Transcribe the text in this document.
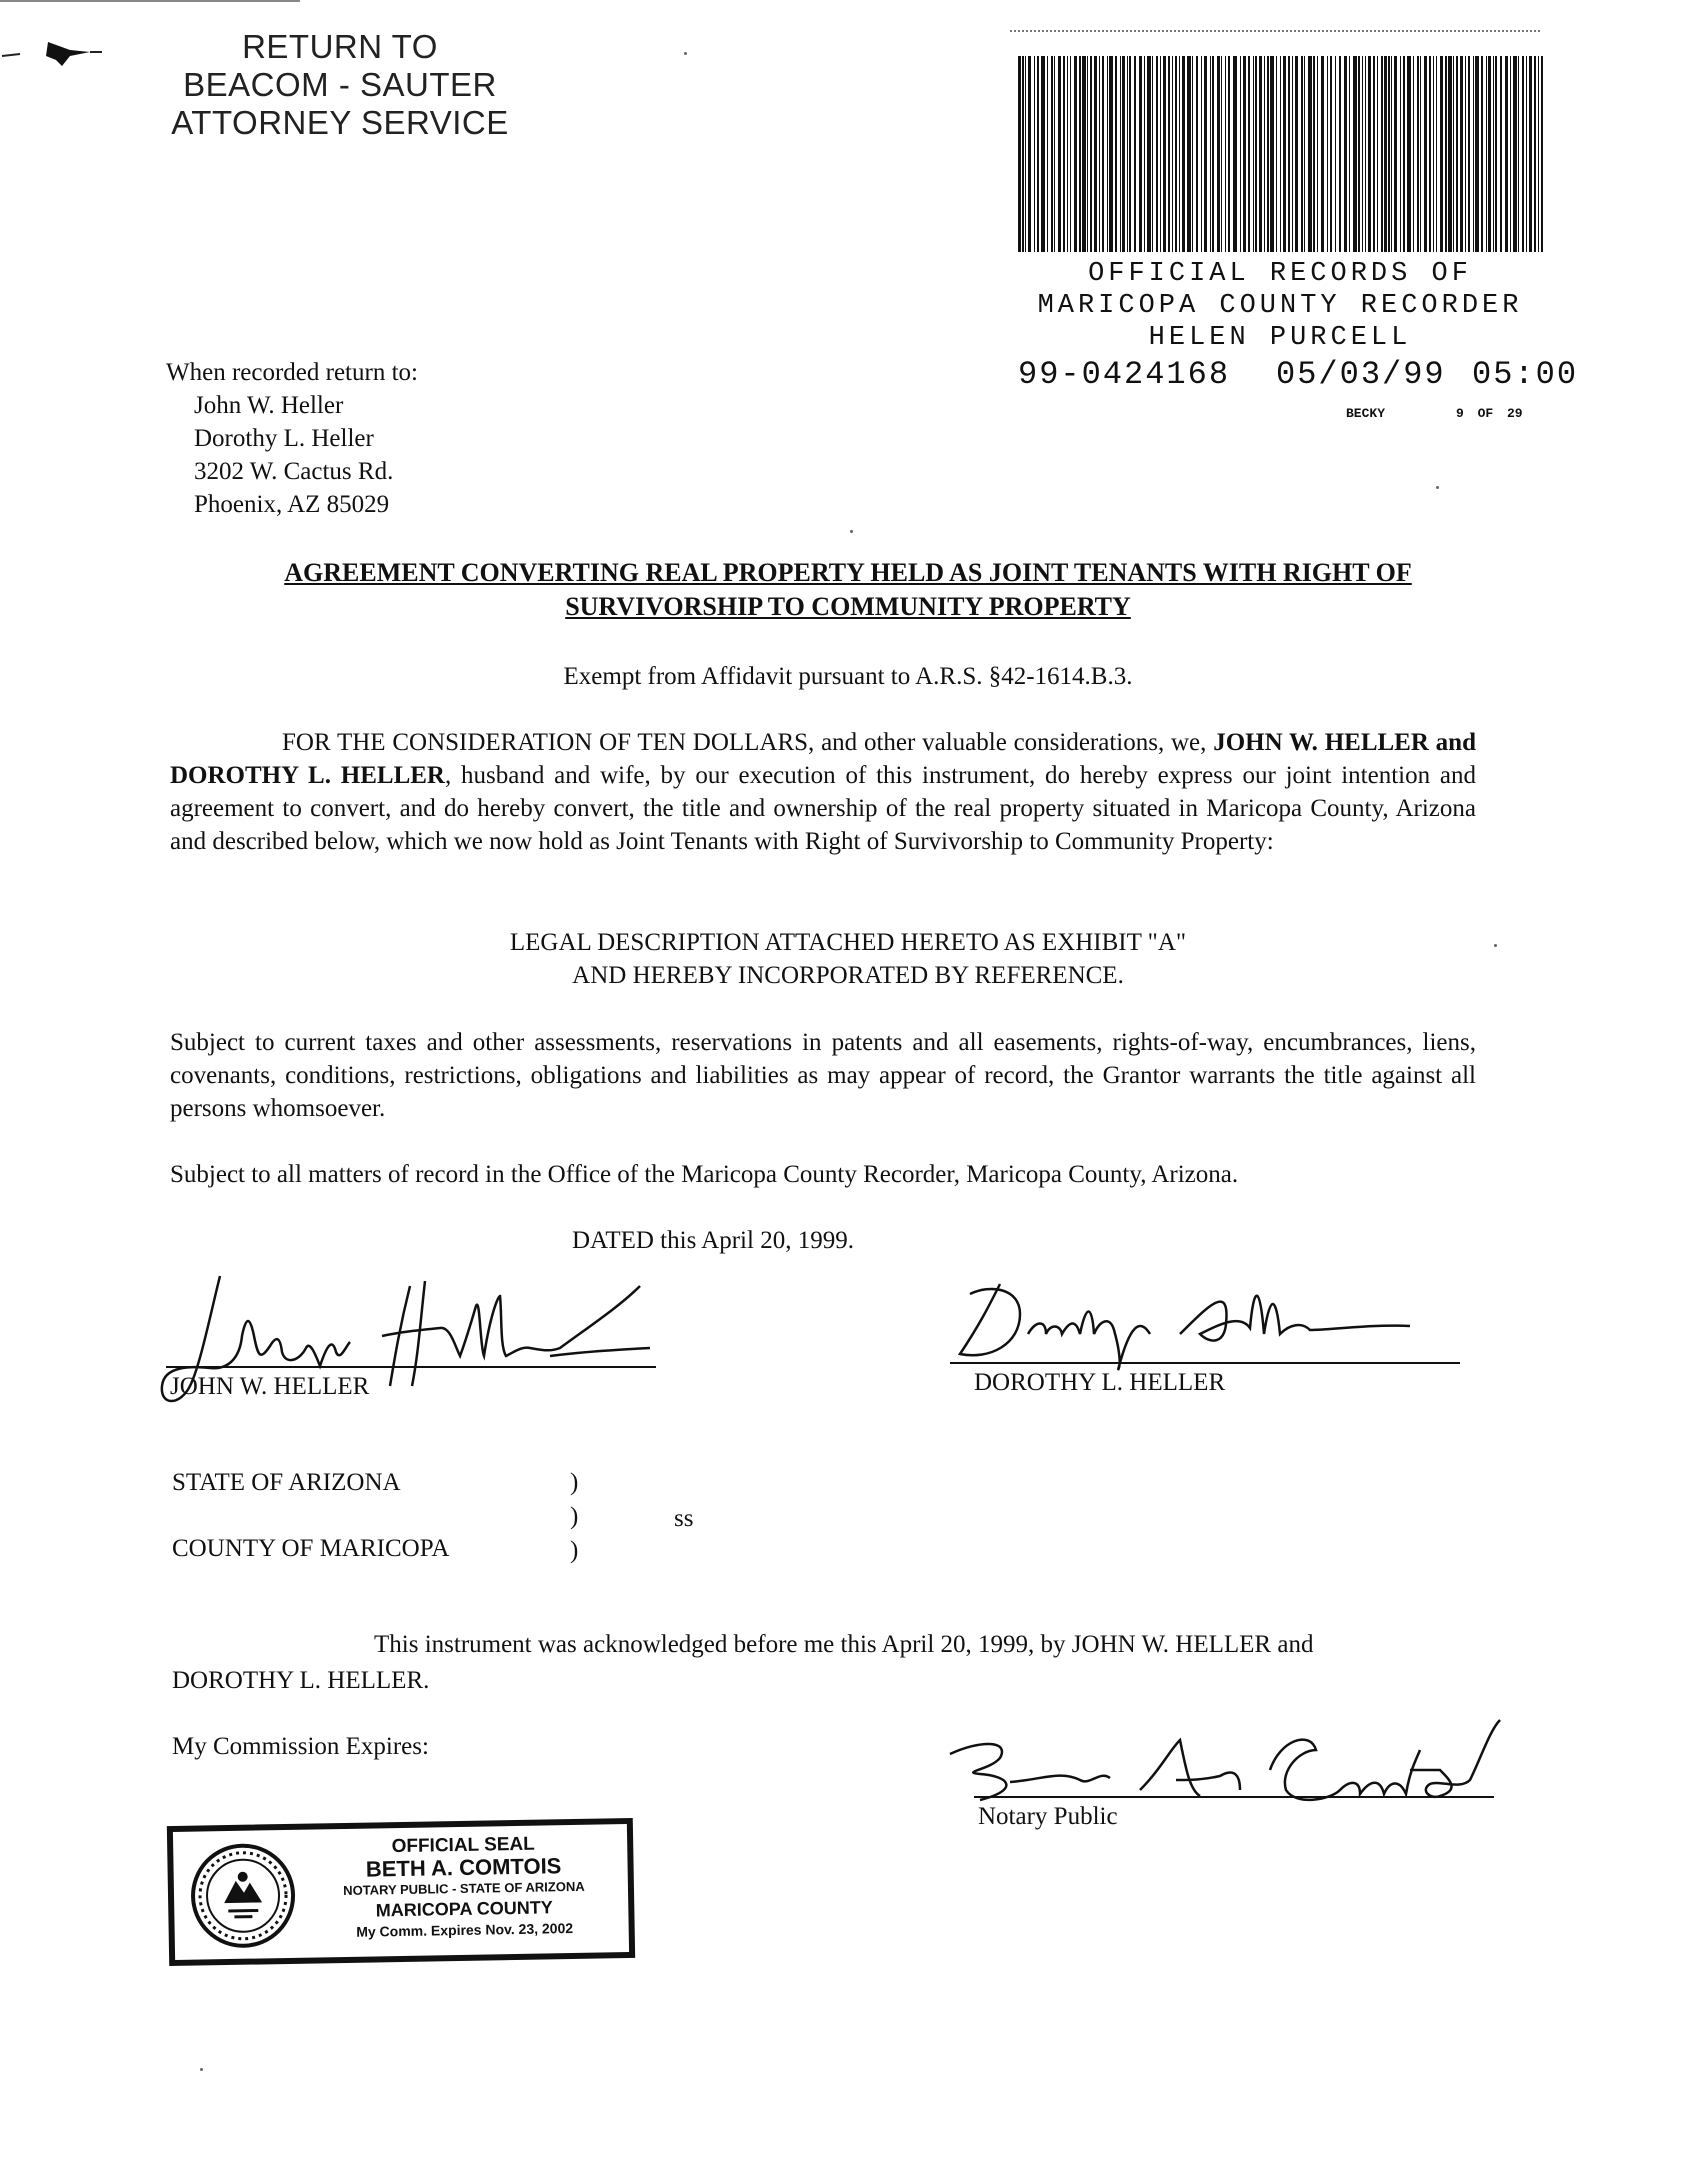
RETURN TO
BEACOM - SAUTER
ATTORNEY SERVICE
OFFICIAL RECORDS OF
MARICOPA COUNTY RECORDER
HELEN PURCELL
99-0424168 05/03/99 05:00
BECKY	9 OF 29
When recorded return to:
John W. Heller
Dorothy L. Heller
3202 W. Cactus Rd.
Phoenix, AZ 85029
AGREEMENT CONVERTING REAL PROPERTY HELD AS JOINT TENANTS WITH RIGHT OF
SURVIVORSHIP TO COMMUNITY PROPERTY
Exempt from Affidavit pursuant to A.R.S. §42-1614.B.3.
FOR THE CONSIDERATION OF TEN DOLLARS, and other valuable considerations, we, JOHN W. HELLER and DOROTHY L. HELLER, husband and wife, by our execution of this instrument, do hereby express our joint intention and agreement to convert, and do hereby convert, the title and ownership of the real property situated in Maricopa County, Arizona and described below, which we now hold as Joint Tenants with Right of Survivorship to Community Property:
LEGAL DESCRIPTION ATTACHED HERETO AS EXHIBIT "A"
AND HEREBY INCORPORATED BY REFERENCE.
Subject to current taxes and other assessments, reservations in patents and all easements, rights-of-way, encumbrances, liens, covenants, conditions, restrictions, obligations and liabilities as may appear of record, the Grantor warrants the title against all persons whomsoever.
Subject to all matters of record in the Office of the Maricopa County Recorder, Maricopa County, Arizona.
DATED this April 20, 1999.
JOHN W. HELLER	DOROTHY L. HELLER
STATE OF ARIZONA	)
)	ss
COUNTY OF MARICOPA	)
This instrument was acknowledged before me this April 20, 1999, by JOHN W. HELLER and
DOROTHY L. HELLER.
My Commission Expires:
Notary Public
OFFICIAL SEAL
BETH A. COMTOIS
NOTARY PUBLIC - STATE OF ARIZONA
MARICOPA COUNTY
My Comm. Expires Nov. 23, 2002
